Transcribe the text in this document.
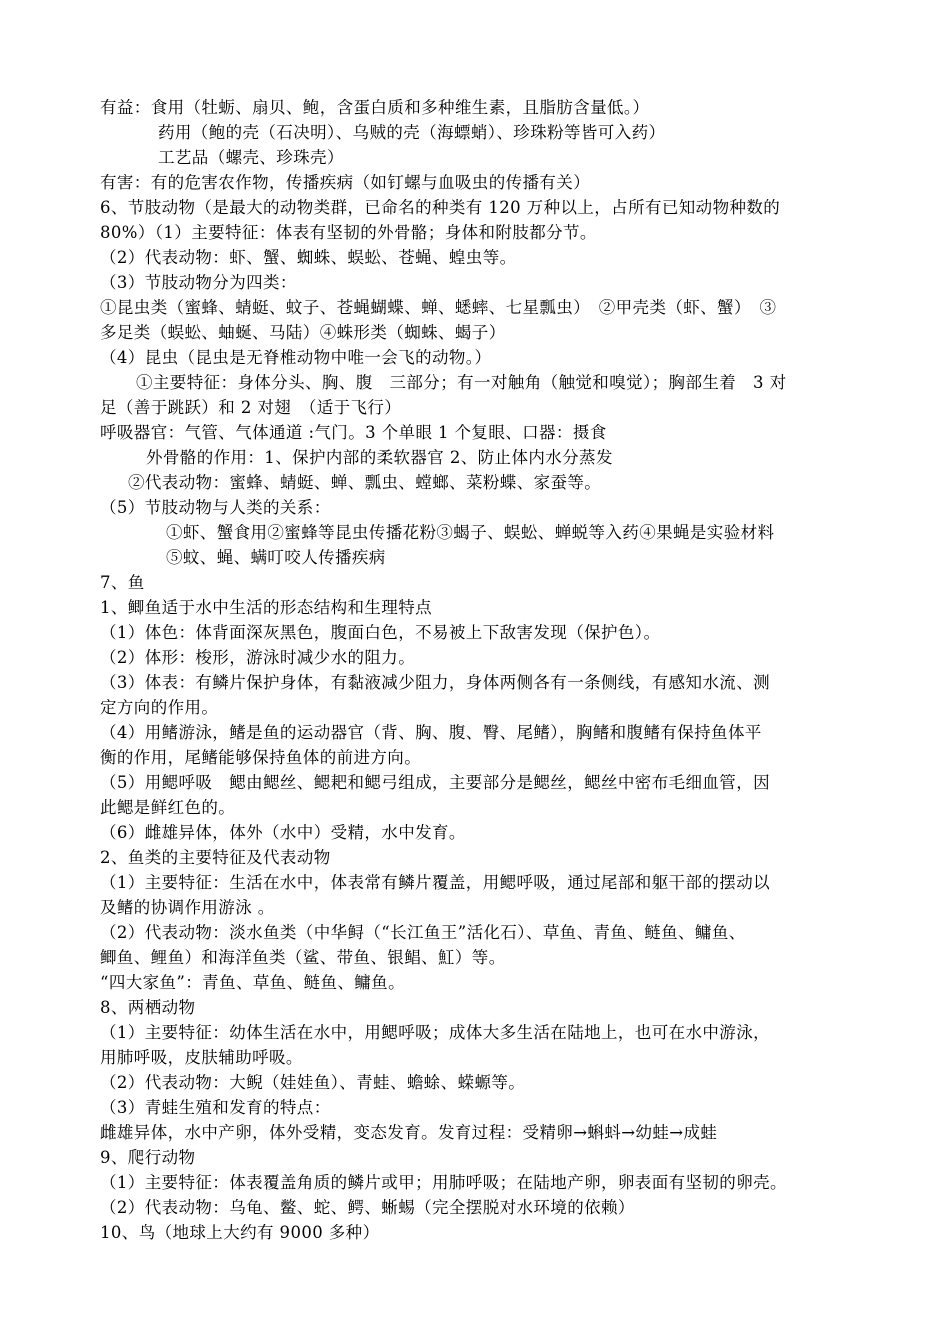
有益：食用（牡蛎、扇贝、鲍，含蛋白质和多种维生素，且脂肪含量低。）
药用（鲍的壳（石决明）、乌贼的壳（海螵蛸）、珍珠粉等皆可入药）
工艺品（螺壳、珍珠壳）
有害：有的危害农作物，传播疾病（如钉螺与血吸虫的传播有关）
6、节肢动物（是最大的动物类群，已命名的种类有 120 万种以上，占所有已知动物种数的
80%）（1）主要特征：体表有坚韧的外骨骼；身体和附肢都分节。
（2）代表动物：虾、蟹、蜘蛛、蜈蚣、苍蝇、蝗虫等。
（3）节肢动物分为四类：
①昆虫类（蜜蜂、蜻蜓、蚊子、苍蝇蝴蝶、蝉、蟋蟀、七星瓢虫）　②甲壳类（虾、蟹）　③
多足类（蜈蚣、蚰蜒、马陆）④蛛形类（蜘蛛、蝎子）
（4）昆虫（昆虫是无脊椎动物中唯一会飞的动物。）
①主要特征：身体分头、胸、腹　三部分；有一对触角（触觉和嗅觉）；胸部生着　3 对
足（善于跳跃）和 2 对翅　（适于飞行）
呼吸器官：气管、气体通道 :气门。3 个单眼 1 个复眼、口器：摄食
外骨骼的作用：1、保护内部的柔软器官 2、防止体内水分蒸发
②代表动物：蜜蜂、蜻蜓、蝉、瓢虫、螳螂、菜粉蝶、家蚕等。
（5）节肢动物与人类的关系：
①虾、蟹食用②蜜蜂等昆虫传播花粉③蝎子、蜈蚣、蝉蜕等入药④果蝇是实验材料
⑤蚊、蝇、螨叮咬人传播疾病
7、鱼
1、鲫鱼适于水中生活的形态结构和生理特点
（1）体色：体背面深灰黑色，腹面白色，不易被上下敌害发现（保护色）。
（2）体形：梭形，游泳时减少水的阻力。
（3）体表：有鳞片保护身体，有黏液减少阻力，身体两侧各有一条侧线，有感知水流、测
定方向的作用。
（4）用鳍游泳，鳍是鱼的运动器官（背、胸、腹、臀、尾鳍），胸鳍和腹鳍有保持鱼体平
衡的作用，尾鳍能够保持鱼体的前进方向。
（5）用鳃呼吸　鳃由鳃丝、鳃耙和鳃弓组成，主要部分是鳃丝，鳃丝中密布毛细血管，因
此鳃是鲜红色的。
（6）雌雄异体，体外（水中）受精，水中发育。
2、鱼类的主要特征及代表动物
（1）主要特征：生活在水中，体表常有鳞片覆盖，用鳃呼吸，通过尾部和躯干部的摆动以
及鳍的协调作用游泳 。
（2）代表动物：淡水鱼类（中华鲟（“长江鱼王”活化石）、草鱼、青鱼、鲢鱼、鳙鱼、
鲫鱼、鲤鱼）和海洋鱼类（鲨、带鱼、银鲳、魟）等。
“四大家鱼”：青鱼、草鱼、鲢鱼、鳙鱼。
8、两栖动物
（1）主要特征：幼体生活在水中，用鳃呼吸；成体大多生活在陆地上，也可在水中游泳，
用肺呼吸，皮肤辅助呼吸。
（2）代表动物：大鲵（娃娃鱼）、青蛙、蟾蜍、蝾螈等。
（3）青蛙生殖和发育的特点：
雌雄异体，水中产卵，体外受精，变态发育。发育过程：受精卵→蝌蚪→幼蛙→成蛙
9、爬行动物
（1）主要特征：体表覆盖角质的鳞片或甲；用肺呼吸；在陆地产卵，卵表面有坚韧的卵壳。
（2）代表动物：乌龟、鳖、蛇、鳄、蜥蜴（完全摆脱对水环境的依赖）
10、鸟（地球上大约有 9000 多种）
